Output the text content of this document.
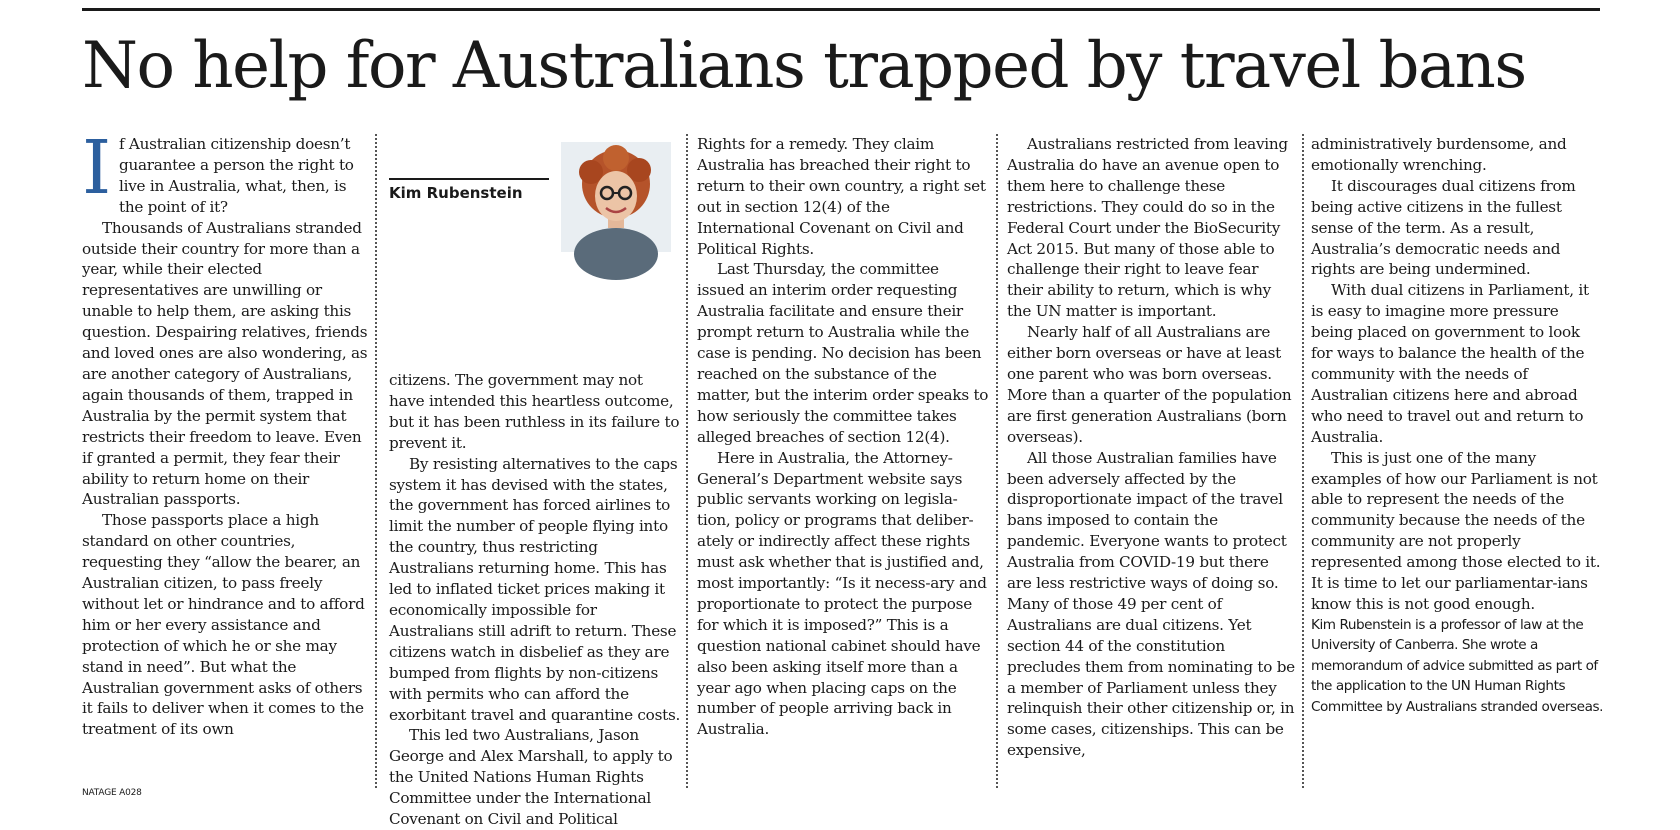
No help for Australians trapped by travel bans

If Australian citizenship doesn’t guarantee a person the right to live in Australia, what, then, is the point of it?

Thousands of Australians stranded outside their country for more than a year, while their elected representatives are unwilling or unable to help them, are asking this question. Despairing relatives, friends and loved ones are also wondering, as are another category of Australians, again thousands of them, trapped in Australia by the permit system that restricts their freedom to leave. Even if granted a permit, they fear their ability to return home on their Australian passports.

Those passports place a high standard on other countries, requesting they “allow the bearer, an Australian citizen, to pass freely without let or hindrance and to afford him or her every assistance and protection of which he or she may stand in need”. But what the Australian government asks of others it fails to deliver when it comes to the treatment of its own

Kim Rubenstein

citizens. The government may not have intended this heartless outcome, but it has been ruthless in its failure to prevent it.

By resisting alternatives to the caps system it has devised with the states, the government has forced airlines to limit the number of people flying into the country, thus restricting Australians returning home. This has led to inflated ticket prices making it economically impossible for Australians still adrift to return. These citizens watch in disbelief as they are bumped from flights by non-citizens with permits who can afford the exorbitant travel and quarantine costs.

This led two Australians, Jason George and Alex Marshall, to apply to the United Nations Human Rights Committee under the International Covenant on Civil and Political

Rights for a remedy. They claim Australia has breached their right to return to their own country, a right set out in section 12(4) of the International Covenant on Civil and Political Rights.

Last Thursday, the committee issued an interim order requesting Australia facilitate and ensure their prompt return to Australia while the case is pending. No decision has been reached on the substance of the matter, but the interim order speaks to how seriously the committee takes alleged breaches of section 12(4).

Here in Australia, the Attorney-General’s Department website says public servants working on legisla-tion, policy or programs that deliber-ately or indirectly affect these rights must ask whether that is justified and, most importantly: “Is it necess-ary and proportionate to protect the purpose for which it is imposed?” This is a question national cabinet should have also been asking itself more than a year ago when placing caps on the number of people arriving back in Australia.

Australians restricted from leaving Australia do have an avenue open to them here to challenge these restrictions. They could do so in the Federal Court under the BioSecurity Act 2015. But many of those able to challenge their right to leave fear their ability to return, which is why the UN matter is important.

Nearly half of all Australians are either born overseas or have at least one parent who was born overseas. More than a quarter of the population are first generation Australians (born overseas).

All those Australian families have been adversely affected by the disproportionate impact of the travel bans imposed to contain the pandemic. Everyone wants to protect Australia from COVID-19 but there are less restrictive ways of doing so. Many of those 49 per cent of Australians are dual citizens. Yet section 44 of the constitution precludes them from nominating to be a member of Parliament unless they relinquish their other citizenship or, in some cases, citizenships. This can be expensive,

administratively burdensome, and emotionally wrenching.

It discourages dual citizens from being active citizens in the fullest sense of the term. As a result, Australia’s democratic needs and rights are being undermined.

With dual citizens in Parliament, it is easy to imagine more pressure being placed on government to look for ways to balance the health of the community with the needs of Australian citizens here and abroad who need to travel out and return to Australia.

This is just one of the many examples of how our Parliament is not able to represent the needs of the community because the needs of the community are not properly represented among those elected to it. It is time to let our parliamentar-ians know this is not good enough.

Kim Rubenstein is a professor of law at the University of Canberra. She wrote a memorandum of advice submitted as part of the application to the UN Human Rights Committee by Australians stranded overseas.

NATAGE A028
